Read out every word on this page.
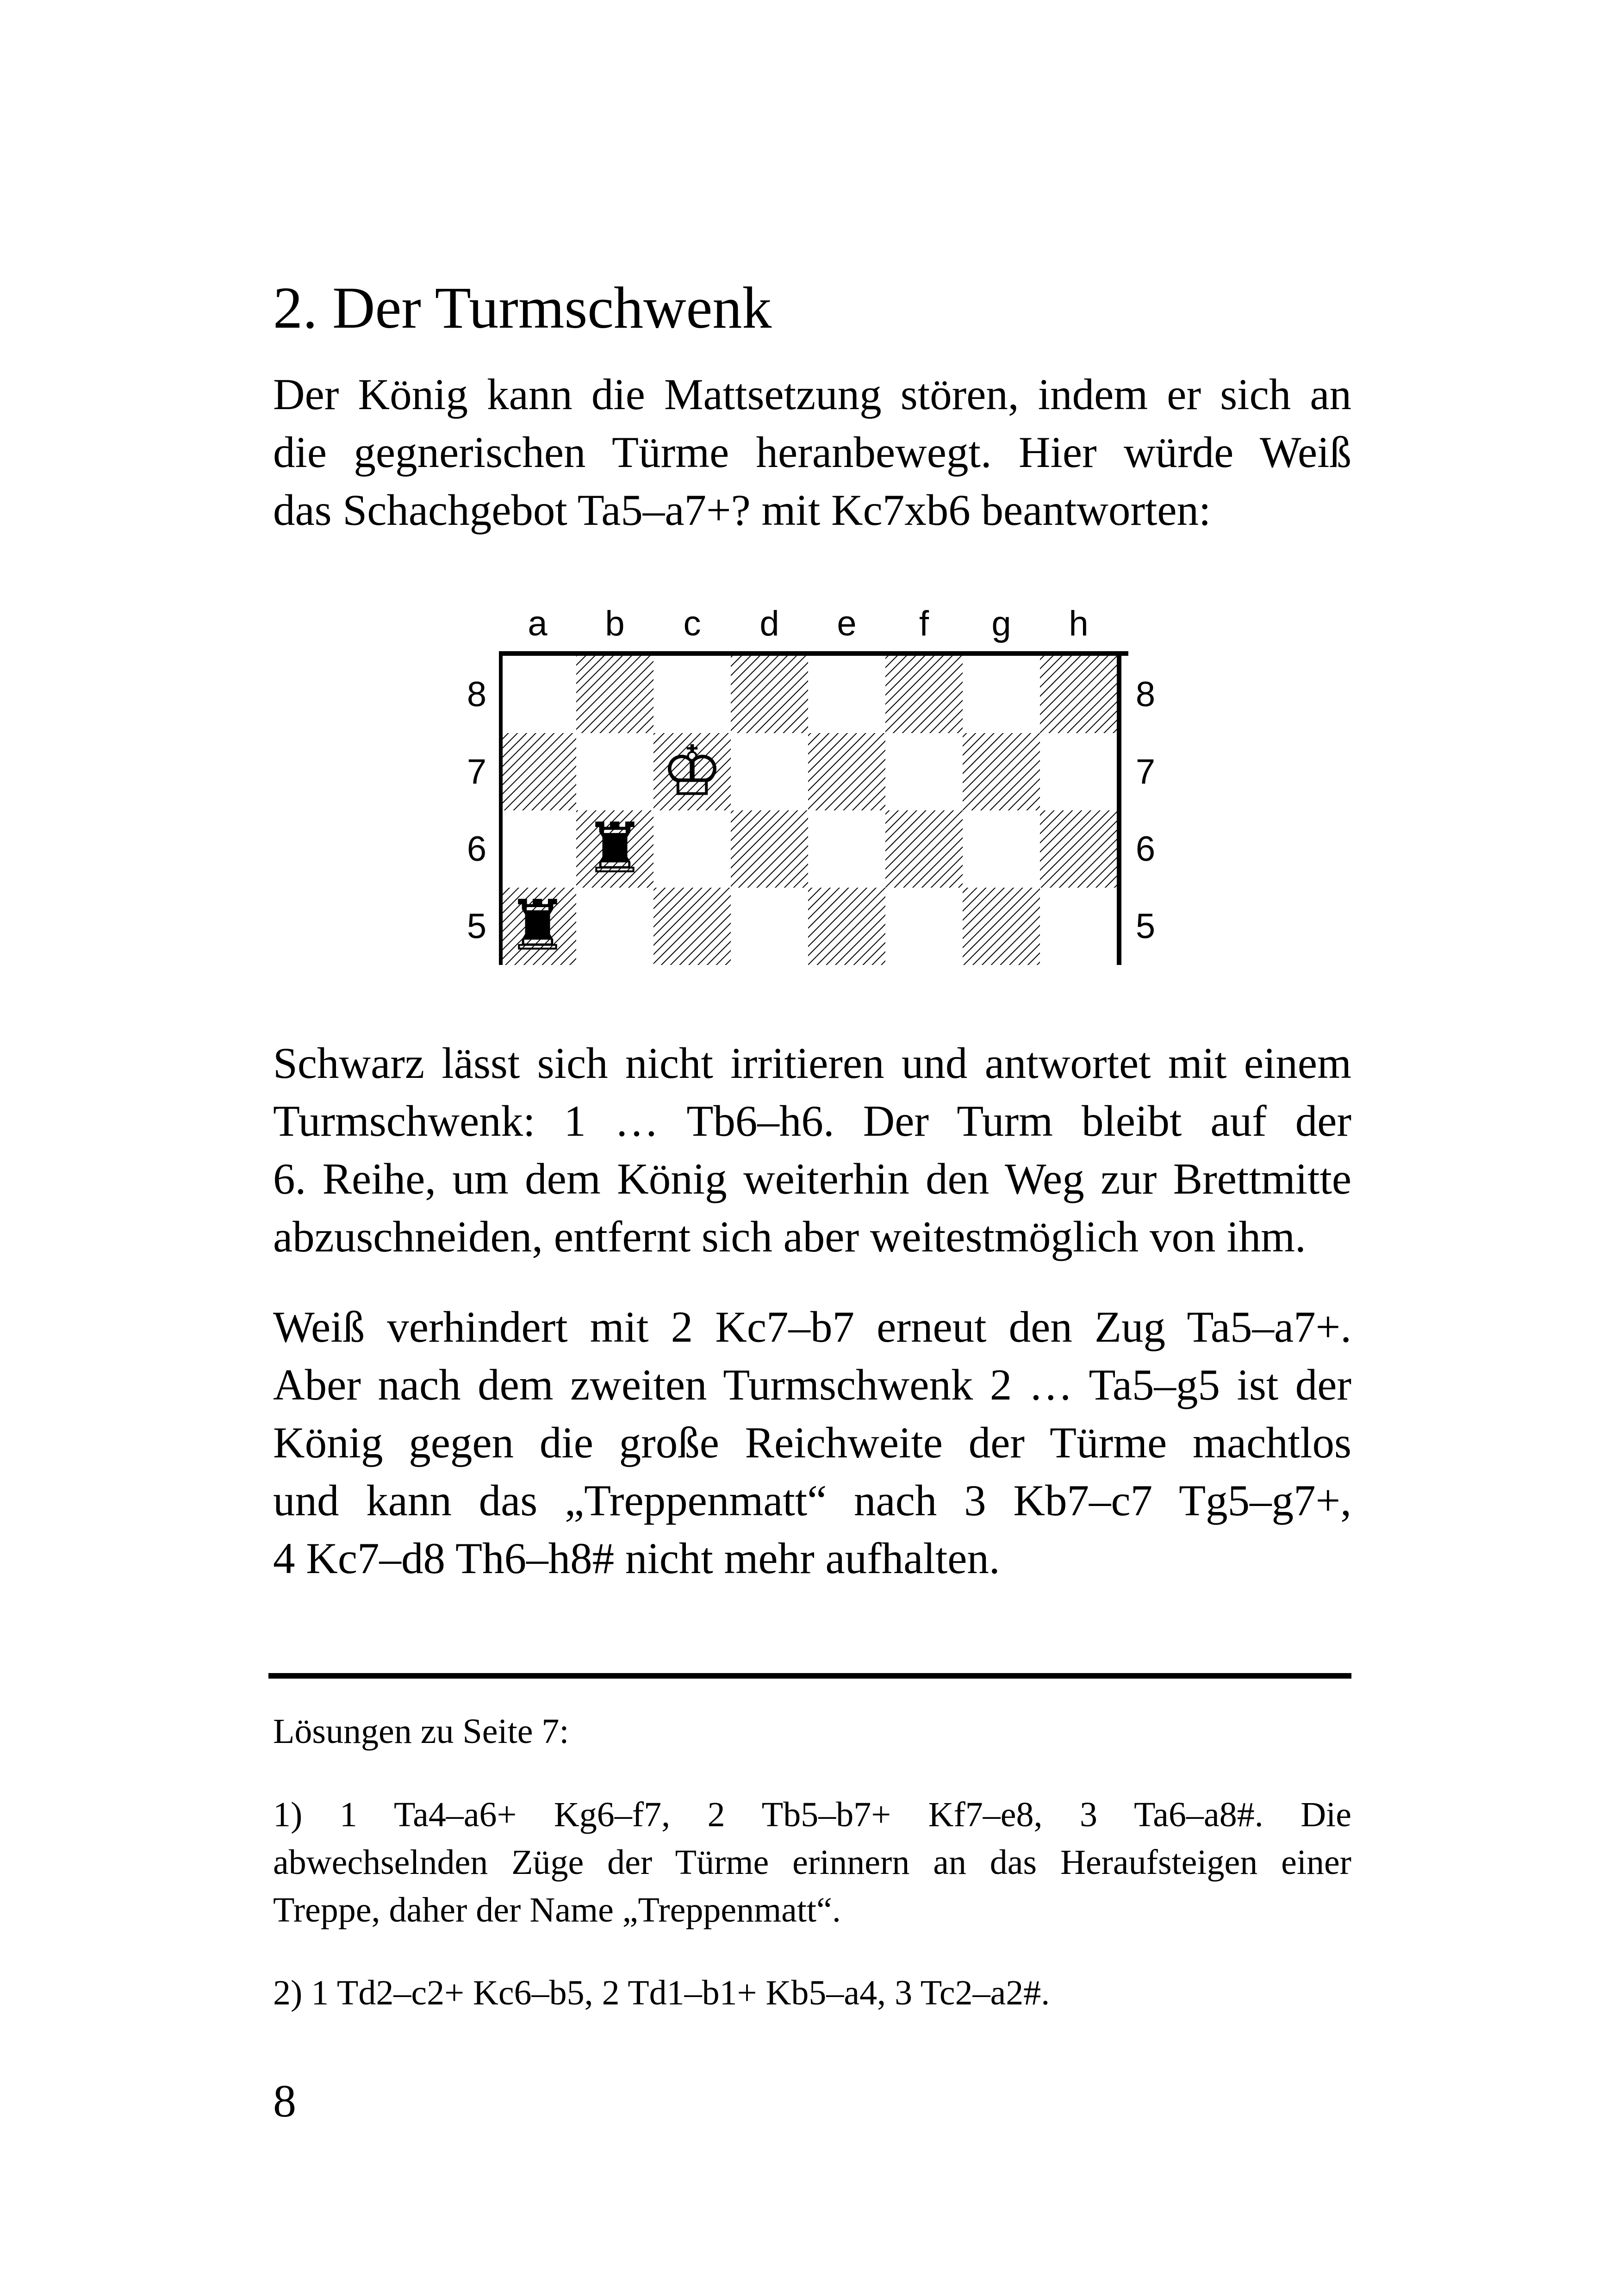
2. Der Turmschwenk
Der König kann die Mattsetzung stören, indem er sich an
die gegnerischen Türme heranbewegt. Hier würde Weiß
das Schachgebot Ta5–a7+? mit Kc7xb6 beantworten:
♔
♜
♜
Schwarz lässt sich nicht irritieren und antwortet mit einem
Turmschwenk: 1 … Tb6–h6. Der Turm bleibt auf der
6. Reihe, um dem König weiterhin den Weg zur Brettmitte
abzuschneiden, entfernt sich aber weitestmöglich von ihm.
Weiß verhindert mit 2 Kc7–b7 erneut den Zug Ta5–a7+.
Aber nach dem zweiten Turmschwenk 2 … Ta5–g5 ist der
König gegen die große Reichweite der Türme machtlos
und kann das „Treppenmatt“ nach 3 Kb7–c7 Tg5–g7+,
4 Kc7–d8 Th6–h8# nicht mehr aufhalten.
Lösungen zu Seite 7:
1) 1 Ta4–a6+ Kg6–f7, 2 Tb5–b7+ Kf7–e8, 3 Ta6–a8#. Die
abwechselnden Züge der Türme erinnern an das Heraufsteigen einer
Treppe, daher der Name „Treppenmatt“.
2) 1 Td2–c2+ Kc6–b5, 2 Td1–b1+ Kb5–a4, 3 Tc2–a2#.
8
a b c d e f g h
8	8
7	7
6	6
5	5
